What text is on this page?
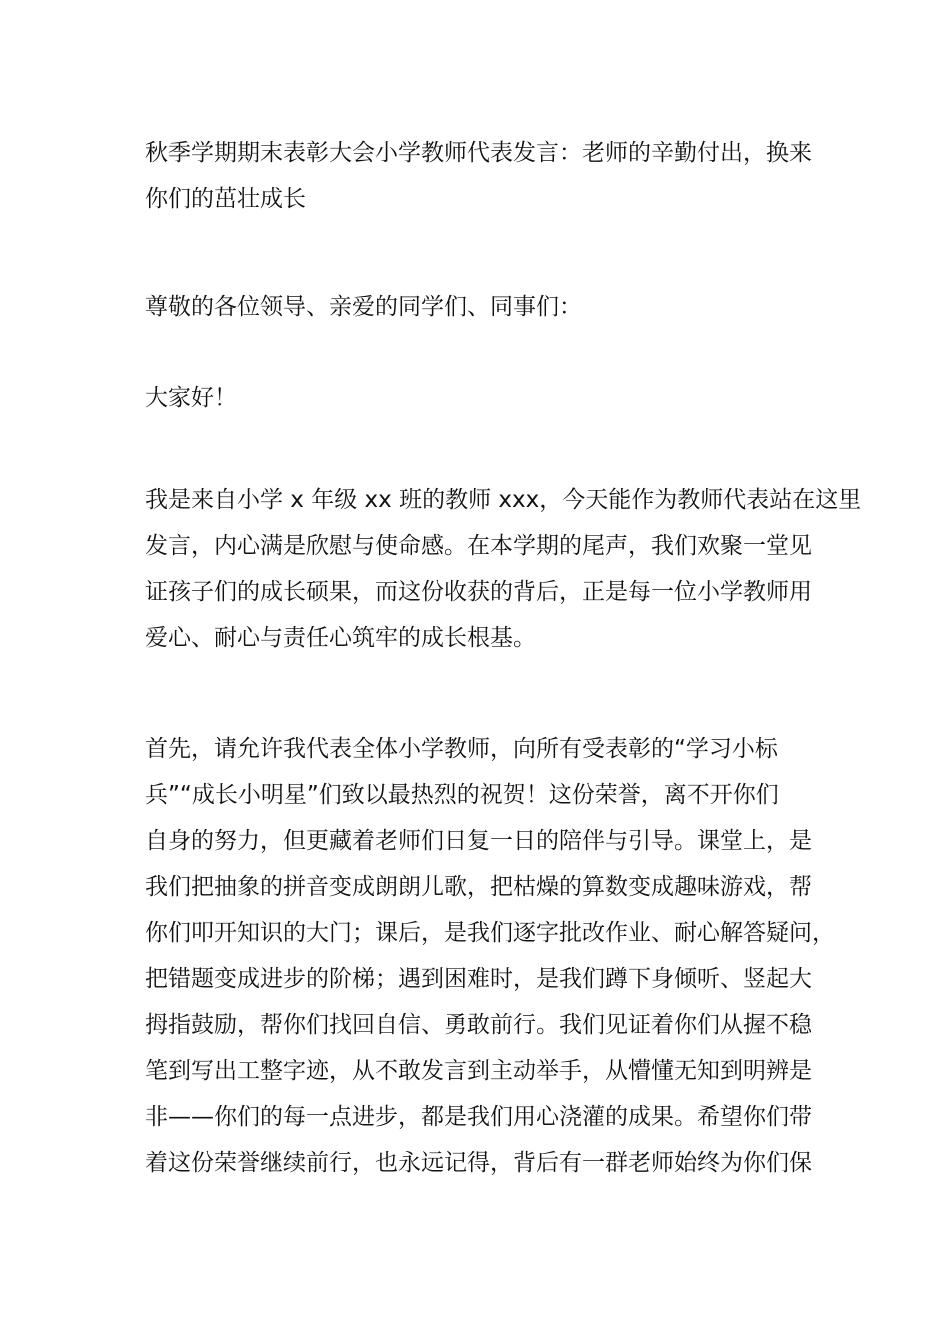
秋季学期期末表彰大会小学教师代表发言：老师的辛勤付出，换来
你们的茁壮成长
尊敬的各位领导、亲爱的同学们、同事们：
大家好！
我是来自小学 x 年级 xx 班的教师 xxx，今天能作为教师代表站在这里
发言，内心满是欣慰与使命感。在本学期的尾声，我们欢聚一堂见
证孩子们的成长硕果，而这份收获的背后，正是每一位小学教师用
爱心、耐心与责任心筑牢的成长根基。
首先，请允许我代表全体小学教师，向所有受表彰的“学习小标
兵”“成长小明星”们致以最热烈的祝贺！这份荣誉，离不开你们
自身的努力，但更藏着老师们日复一日的陪伴与引导。课堂上，是
我们把抽象的拼音变成朗朗儿歌，把枯燥的算数变成趣味游戏，帮
你们叩开知识的大门；课后，是我们逐字批改作业、耐心解答疑问，
把错题变成进步的阶梯；遇到困难时，是我们蹲下身倾听、竖起大
拇指鼓励，帮你们找回自信、勇敢前行。我们见证着你们从握不稳
笔到写出工整字迹，从不敢发言到主动举手，从懵懂无知到明辨是
非——你们的每一点进步，都是我们用心浇灌的成果。希望你们带
着这份荣誉继续前行，也永远记得，背后有一群老师始终为你们保
